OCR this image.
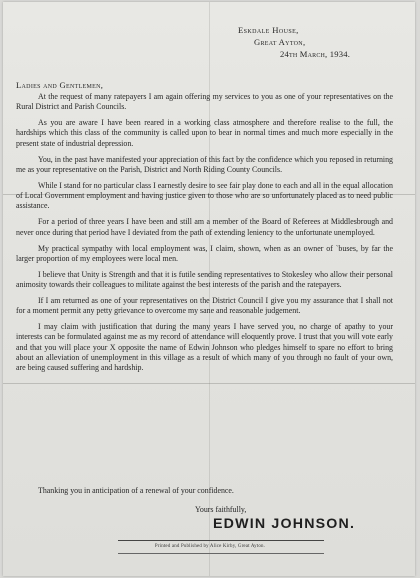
Eskdale House,
Great Ayton,
24th March, 1934.
Ladies and Gentlemen,

At the request of many ratepayers I am again offering my services to you as one of your representatives on the Rural District and Parish Councils.

As you are aware I have been reared in a working class atmosphere and therefore realise to the full, the hardships which this class of the community is called upon to bear in normal times and much more especially in the present state of industrial depression.

You, in the past have manifested your appreciation of this fact by the confidence which you reposed in returning me as your representative on the Parish, District and North Riding County Councils.

While I stand for no particular class I earnestly desire to see fair play done to each and all in the equal allocation of Local Government employment and having justice given to those who are so unfortunately placed as to need public assistance.

For a period of three years I have been and still am a member of the Board of Referees at Middlesbrough and never once during that period have I deviated from the path of extending leniency to the unfortunate unemployed.

My practical sympathy with local employment was, I claim, shown, when as an owner of `buses, by far the larger proportion of my employees were local men.

I believe that Unity is Strength and that it is futile sending representatives to Stokesley who allow their personal animosity towards their colleagues to militate against the best interests of the parish and the ratepayers.

If I am returned as one of your representatives on the District Council I give you my assurance that I shall not for a moment permit any petty grievance to overcome my sane and reasonable judgement.

I may claim with justification that during the many years I have served you, no charge of apathy to your interests can be formulated against me as my record of attendance will eloquently prove. I trust that you will vote early and that you will place your X opposite the name of Edwin Johnson who pledges himself to spare no effort to bring about an alleviation of unemployment in this village as a result of which many of you through no fault of your own, are being caused suffering and hardship.

Thanking you in anticipation of a renewal of your confidence.
Yours faithfully,
EDWIN JOHNSON.
Printed and Published by Alice Kirby, Great Ayton.
